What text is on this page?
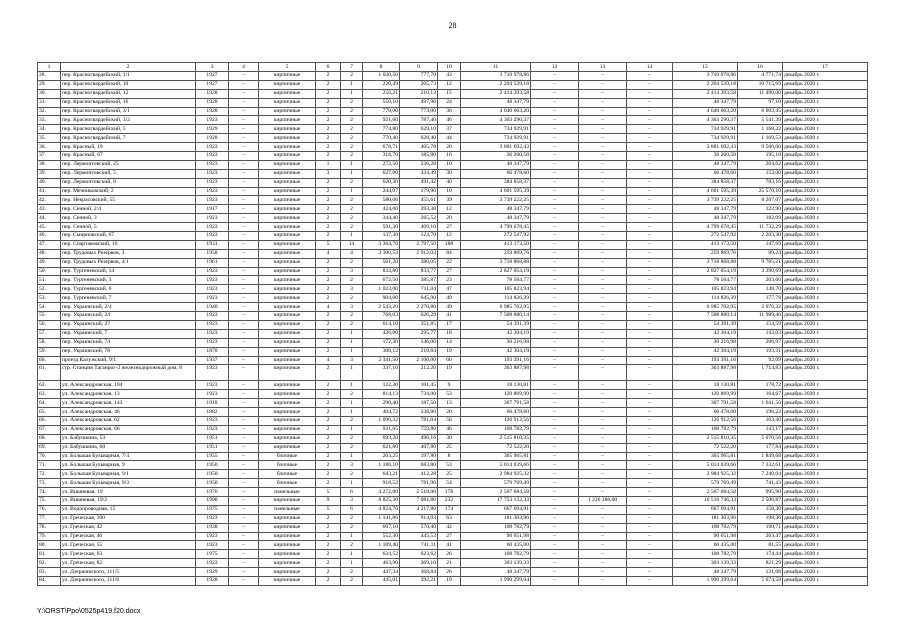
28
1	2	3	4	5	6	7	8	9	10	11	12	13	14	15	16	17
28.	пер. Красногвардейский, 1/1	1927	–	кирпичные	2	2	1 030,50	777,70	43	3 710 978,86	–	–	–	3 710 978,86	4 771,74	декабрь 2020 г.
29.	пер. Красногвардейский, 10	1927	–	кирпичные	2	1	220,49	205,73	12	2 204 539,18	–	–	–	2 204 539,18	10 715,69	декабрь 2020 г.
30.	пер. Красногвардейский, 12	1928	–	кирпичные	2	1	256,21	210,13	15	2 414 393,58	–	–	–	2 414 393,58	11 490,00	декабрь 2020 г.
31.	пер. Красногвардейский, 16	1928	–	кирпичные	2	2	550,10	497,90	24	48 347,79	–	–	–	48 347,79	97,10	декабрь 2020 г.
32.	пер. Красногвардейский, 3/1	1928	–	кирпичные	2	2	779,00	773,00	36	4 640 663,20	–	–	–	4 640 663,20	6 003,45	декабрь 2020 г.
33.	пер. Красногвардейский, 3/2	1923	–	кирпичные	2	2	921,60	787,40	46	4 363 290,37	–	–	–	4 363 290,37	5 541,39	декабрь 2020 г.
34.	пер. Красногвардейский, 5	1929	–	кирпичные	2	2	774,80	629,10	37	734 929,91	–	–	–	734 929,91	1 168,22	декабрь 2020 г.
35.	пер. Красногвардейский, 7	1928	–	кирпичные	2	2	770,40	628,40	44	734 929,91	–	–	–	734 929,91	1 169,53	декабрь 2020 г.
36.	пер. Красный, 19	1923	–	кирпичные	2	2	678,71	405,78	20	3 881 692,43	–	–	–	3 881 692,43	9 566,00	декабрь 2020 г.
37.	пер. Красный, 67	1923	–	кирпичные	2	2	318,70	185,80	16	36 260,58	–	–	–	36 260,58	195,16	декабрь 2020 г.
38.	пер. Лермонтовский, 25	1923	–	кирпичные	1	1	272,50	236,28	10	48 347,79	–	–	–	48 347,79	204,62	декабрь 2020 г.
39.	пер. Лермонтовский, 5	1923	–	кирпичные	3	1	627,00	434,49	30	66 478,60	–	–	–	66 478,60	153,00	декабрь 2020 г.
40.	пер. Лермонтовский, 8	1923	–	кирпичные	2	2	620,30	491,42	40	384 858,37	–	–	–	384 858,37	783,16	декабрь 2020 г.
41.	пер. Мечниковский, 2	1923	–	кирпичные	2	1	244,07	179,96	10	4 601 595,39	–	–	–	4 601 595,39	25 570,10	декабрь 2020 г.
42.	пер. Некрасовский, 55	1923	–	кирпичные	2	2	580,06	455,61	39	3 739 222,25	–	–	–	3 739 222,25	8 207,07	декабрь 2020 г.
43.	пер. Сенной, 2/4	1917	–	кирпичные	2	2	424,00	393,38	12	48 347,79	–	–	–	48 347,79	122,90	декабрь 2020 г.
44.	пер. Сенной, 3	1923	–	кирпичные	2	2	344,40	265,52	20	48 347,79	–	–	–	48 347,79	182,09	декабрь 2020 г.
45.	пер. Сенной, 5	1923	–	кирпичные	2	2	591,30	409,10	27	4 799 678,45	–	–	–	4 799 678,45	11 732,29	декабрь 2020 г.
46.	пер. Смирновский, 67	1923	–	кирпичные	2	1	137,30	123,70	12	272 547,92	–	–	–	272 547,92	2 203,30	декабрь 2020 г.
47.	пер. Спартаковский, 16	1931	–	кирпичные	5	14	3 364,70	2 797,50	188	413 173,50	–	–	–	413 173,50	147,69	декабрь 2020 г.
48.	пер. Трудовых Резервов, 3	1958	–	кирпичные	4	4	3 300,53	2 912,03	84	259 869,76	–	–	–	259 869,76	89,24	декабрь 2020 г.
49.	пер. Трудовых Резервов, 4/1	1961	–	кирпичные	2	2	501,20	380,05	22	3 718 868,88	–	–	–	3 718 868,88	9 785,21	декабрь 2020 г.
50.	пер. Тургеневский, 14	1923	–	кирпичные	2	3	833,80	833,77	27	2 827 054,19	–	–	–	2 827 054,19	3 390,69	декабрь 2020 г.
51.	пер. Тургеневский, 3	1923	–	кирпичные	2	2	672,50	385,87	23	78 564,77	–	–	–	78 564,77	203,60	декабрь 2020 г.
52.	пер. Тургеневский, 6	1923	–	кирпичные	2	3	1 023,00	711,04	47	105 823,94	–	–	–	105 823,94	148,70	декабрь 2020 г.
53.	пер. Тургеневский, 7	1923	–	кирпичные	2	2	904,00	645,90	49	114 826,39	–	–	–	114 826,39	177,78	декабрь 2020 г.
54.	пер. Украинский, 2/4	1940	–	кирпичные	4	3	2 543,20	2 270,80	49	6 985 702,95	–	–	–	6 985 702,95	3 076,32	декабрь 2020 г.
55.	пер. Украинский, 24	1923	–	кирпичные	2	2	768,03	626,29	41	7 508 880,14	–	–	–	7 508 880,14	11 989,46	декабрь 2020 г.
56.	пер. Украинский, 27	1923	–	кирпичные	2	2	614,10	351,85	17	54 391,39	–	–	–	54 391,39	154,59	декабрь 2020 г.
57.	пер. Украинский, 7	1923	–	кирпичные	2	1	436,00	295,77	18	42 304,19	–	–	–	42 304,19	143,03	декабрь 2020 г.
58.	пер. Украинский, 74	1923	–	кирпичные	2	1	172,30	146,00	14	30 216,98	–	–	–	30 216,98	206,97	декабрь 2020 г.
59.	пер. Украинский, 78	1870	–	кирпичные	2	1	308,12	218,84	19	42 304,19	–	–	–	42 304,19	193,31	декабрь 2020 г.
60.	проезд Калужский, 9/1	1937	–	кирпичные	4	3	2 341,50	2 100,00	60	193 391,16	–	–	–	193 391,16	92,09	декабрь 2020 г.
61.	стр. Станция Таганрог-2 железнодорожный дом, 8	1923	–	кирпичные	2	1	337,10	212,20	19	363 887,98	–	–	–	363 887,98	1 714,83	декабрь 2020 г.
62.	ул. Александровская, 104	1923	–	кирпичные	2	1	122,30	101,45	9	18 130,81	–	–	–	18 130,81	178,72	декабрь 2020 г.
63.	ул. Александровская, 13	1923	–	кирпичные	2	2	814,13	734,00	53	120 869,99	–	–	–	120 869,99	164,67	декабрь 2020 г.
64.	ул. Александровская, 143	1918	–	кирпичные	2	1	290,40	187,50	13	307 791,58	–	–	–	307 791,58	1 641,56	декабрь 2020 г.
65.	ул. Александровская, 46	1882	–	кирпичные	2	1	404,72	338,80	20	66 478,60	–	–	–	66 478,60	196,22	декабрь 2020 г.
66.	ул. Александровская, 62	1923	–	кирпичные	2	2	1 090,32	781,04	56	126 912,56	–	–	–	126 912,56	163,40	декабрь 2020 г.
67.	ул. Александровская, 66	1923	–	кирпичные	2	1	931,65	759,80	46	108 782,79	–	–	–	108 782,79	143,17	декабрь 2020 г.
68.	ул. Бабушкина, 53	1951	–	кирпичные	2	2	693,20	496,16	30	2 515 810,35	–	–	–	2 515 810,35	5 070,56	декабрь 2020 г.
69.	ул. Бабушкина, 60	1951	–	кирпичные	2	2	621,80	407,80	25	72 522,20	–	–	–	72 522,20	177,84	декабрь 2020 г.
70.	ул. Большая Бульварная, 7/4	1955	–	блочные	2	1	203,25	197,80	8	365 965,81	–	–	–	365 965,81	1 849,68	декабрь 2020 г.
71.	ул. Большая Бульварная, 9	1950	–	блочные	2	3	1 180,10	683,80	53	5 014 039,66	–	–	–	5 014 039,66	7 332,61	декабрь 2020 г.
72.	ул. Большая Бульварная, 9/1	1950	–	блочные	2	2	643,21	412,28	25	2 984 925,32	–	–	–	2 984 925,32	7 240,04	декабрь 2020 г.
73.	ул. Большая Бульварная, 9/3	1950	–	блочные	2	1	918,52	781,96	54	579 769,49	–	–	–	579 769,49	741,43	декабрь 2020 г.
74.	ул. Вишневая, 19	1976	–	панельные	5	6	4 272,00	2 518,00	178	2 507 684,58	–	–	–	2 507 684,58	995,90	декабрь 2020 г.
75.	ул. Вишневая, 19/2	1990	–	кирпичные	9	3	8 825,30	7 081,80	232	17 753 132,33	–	1 236 386,00	–	16 516 746,33	2 506,87	декабрь 2020 г.
76.	ул. Водопроводная, 15	1975	–	панельные	5	6	4 824,70	4 217,80	174	667 694,91	–	–	–	667 694,91	158,30	декабрь 2020 г.
77.	ул. Греческая, 100	1923	–	кирпичные	2	2	1 141,86	914,03	63	181 303,96	–	–	–	181 303,96	198,36	декабрь 2020 г.
78.	ул. Греческая, 42	1938	–	кирпичные	2	2	667,10	570,40	42	108 782,79	–	–	–	108 782,79	190,71	декабрь 2020 г.
79.	ул. Греческая, 46	1923	–	кирпичные	2	1	552,30	445,53	27	90 651,98	–	–	–	90 651,98	203,47	декабрь 2020 г.
80.	ул. Греческая, 55	1923	–	кирпичные	2	2	1 109,40	741,11	41	60 435,00	–	–	–	60 435,00	81,55	декабрь 2020 г.
81.	ул. Греческая, 63	1975	–	кирпичные	2	1	634,52	623,62	26	108 782,79	–	–	–	108 782,79	174,44	декабрь 2020 г.
82.	ул. Греческая, 82	1923	–	кирпичные	2	1	463,90	369,10	21	303 139,33	–	–	–	303 139,33	821,29	декабрь 2020 г.
83.	ул. Дзержинского, 111/5	1929	–	кирпичные	2	2	437,34	368,84	26	48 347,79	–	–	–	48 347,79	131,08	декабрь 2020 г.
84.	ул. Дзержинского, 111/6	1928	–	кирпичные	2	2	445,01	392,21	19	1 990 299,64	–	–	–	1 990 299,64	5 074,58	декабрь 2020 г.
Y:\ORST\Ppo\0525p419.f20.docx
